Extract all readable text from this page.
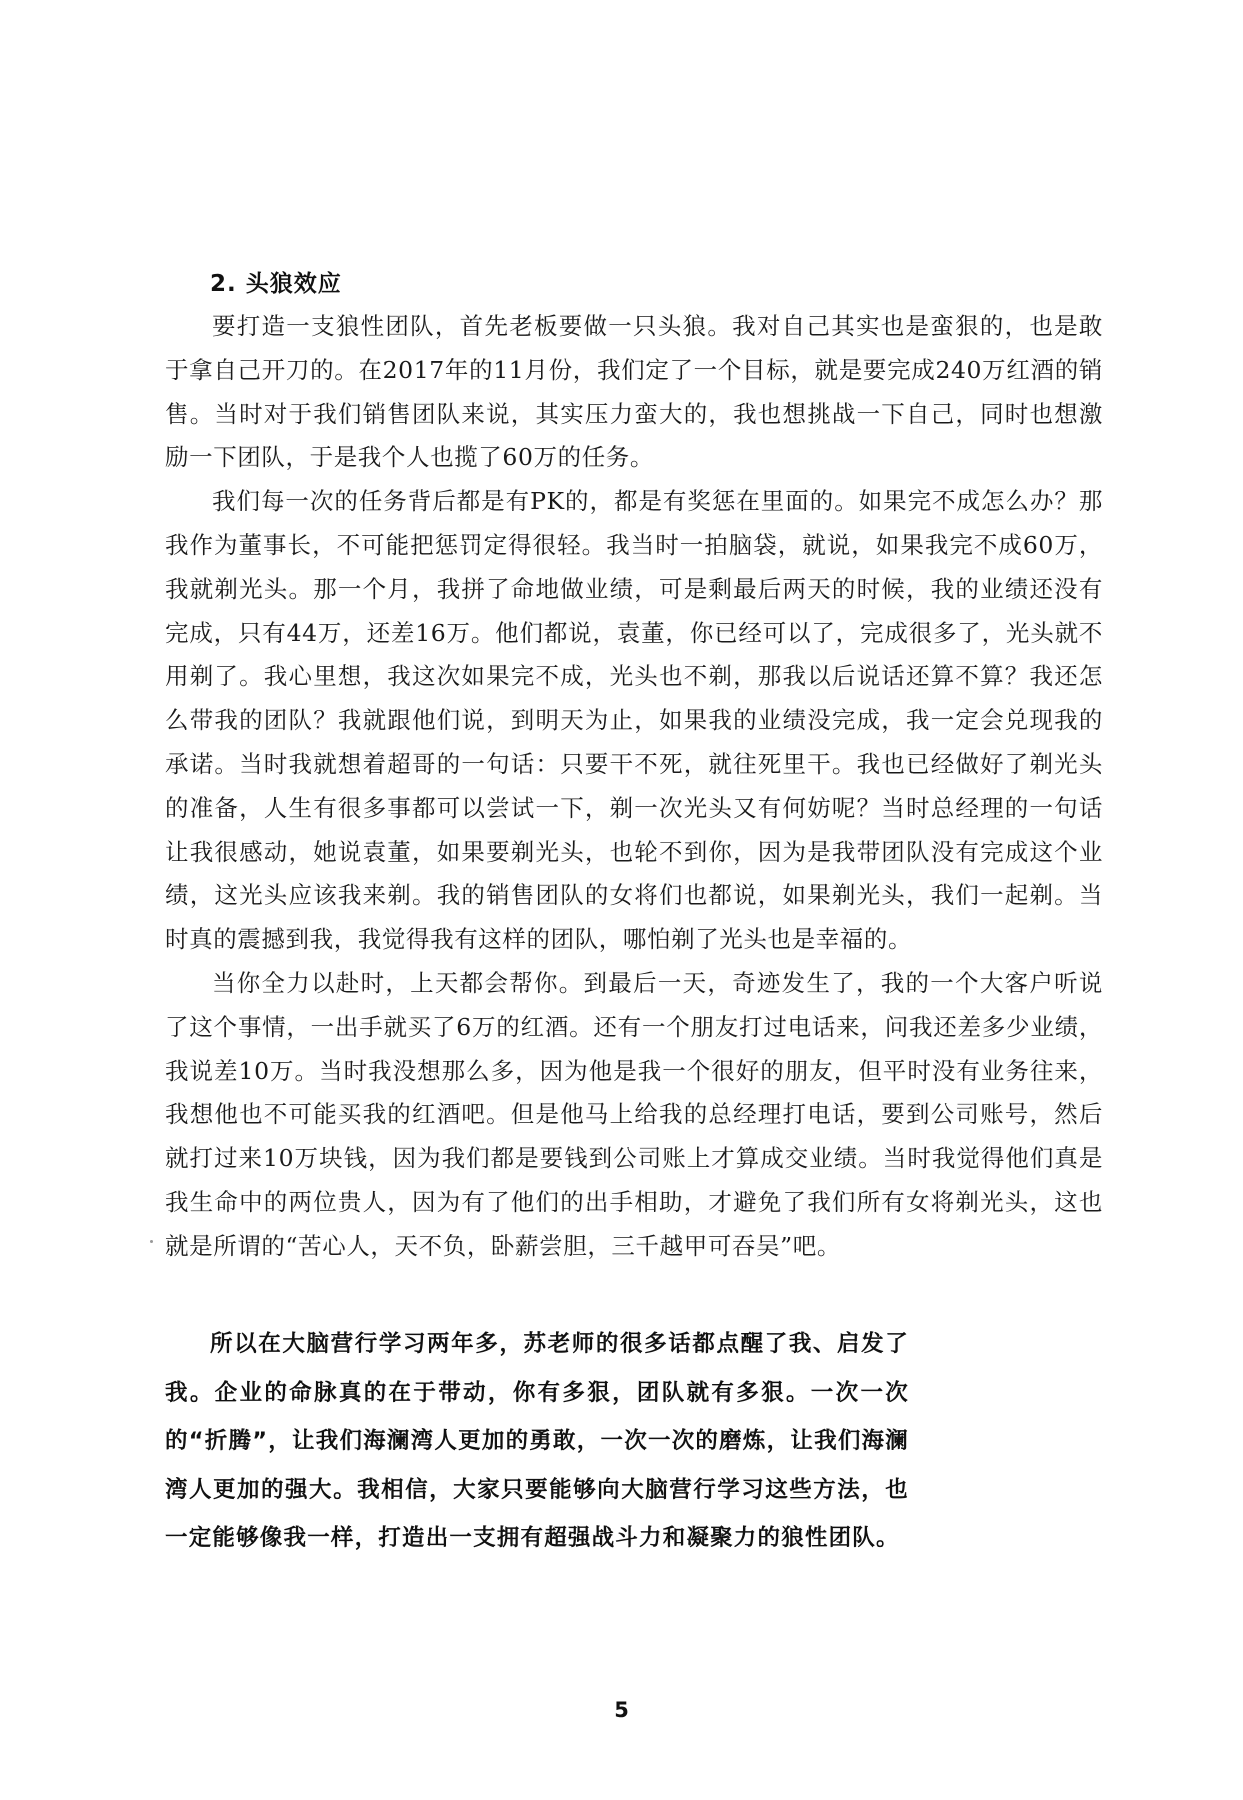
2. 头狼效应

要打造一支狼性团队，首先老板要做一只头狼。我对自己其实也是蛮狠的，也是敢于拿自己开刀的。在2017年的11月份，我们定了一个目标，就是要完成240万红酒的销售。当时对于我们销售团队来说，其实压力蛮大的，我也想挑战一下自己，同时也想激励一下团队，于是我个人也揽了60万的任务。

我们每一次的任务背后都是有PK的，都是有奖惩在里面的。如果完不成怎么办？那我作为董事长，不可能把惩罚定得很轻。我当时一拍脑袋，就说，如果我完不成60万，我就剃光头。那一个月，我拼了命地做业绩，可是剩最后两天的时候，我的业绩还没有完成，只有44万，还差16万。他们都说，袁董，你已经可以了，完成很多了，光头就不用剃了。我心里想，我这次如果完不成，光头也不剃，那我以后说话还算不算？我还怎么带我的团队？我就跟他们说，到明天为止，如果我的业绩没完成，我一定会兑现我的承诺。当时我就想着超哥的一句话：只要干不死，就往死里干。我也已经做好了剃光头的准备，人生有很多事都可以尝试一下，剃一次光头又有何妨呢？当时总经理的一句话让我很感动，她说袁董，如果要剃光头，也轮不到你，因为是我带团队没有完成这个业绩，这光头应该我来剃。我的销售团队的女将们也都说，如果剃光头，我们一起剃。当时真的震撼到我，我觉得我有这样的团队，哪怕剃了光头也是幸福的。

当你全力以赴时，上天都会帮你。到最后一天，奇迹发生了，我的一个大客户听说了这个事情，一出手就买了6万的红酒。还有一个朋友打过电话来，问我还差多少业绩，我说差10万。当时我没想那么多，因为他是我一个很好的朋友，但平时没有业务往来，我想他也不可能买我的红酒吧。但是他马上给我的总经理打电话，要到公司账号，然后就打过来10万块钱，因为我们都是要钱到公司账上才算成交业绩。当时我觉得他们真是我生命中的两位贵人，因为有了他们的出手相助，才避免了我们所有女将剃光头，这也就是所谓的“苦心人，天不负，卧薪尝胆，三千越甲可吞吴”吧。

所以在大脑营行学习两年多，苏老师的很多话都点醒了我、启发了我。企业的命脉真的在于带动，你有多狠，团队就有多狠。一次一次的“折腾”，让我们海澜湾人更加的勇敢，一次一次的磨炼，让我们海澜湾人更加的强大。我相信，大家只要能够向大脑营行学习这些方法，也一定能够像我一样，打造出一支拥有超强战斗力和凝聚力的狼性团队。

5
